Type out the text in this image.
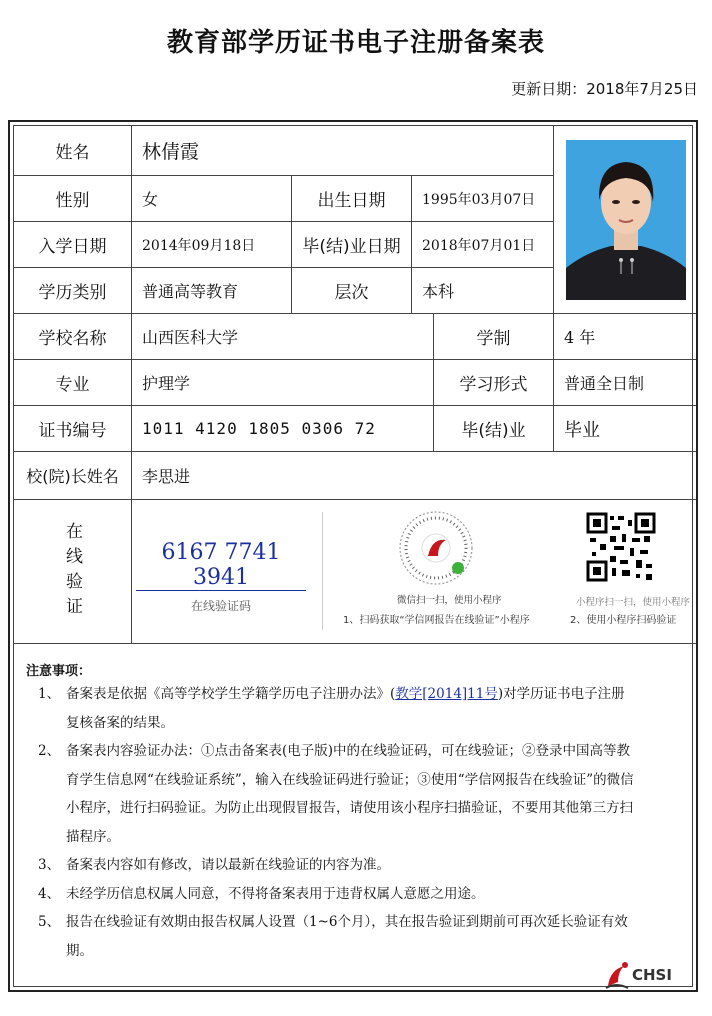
教育部学历证书电子注册备案表
更新日期：2018年7月25日
姓名	林倩霞
性别	女	出生日期	1995年03月07日
入学日期	2014年09月18日	毕(结)业日期	2018年07月01日
学历类别	普通高等教育	层次	本科
学校名称	山西医科大学	学制	4 年
专业	护理学	学习形式	普通全日制
证书编号	1011 4120 1805 0306 72	毕(结)业	毕业
校(院)长姓名	李思进
在线验证	6167 7741 3941
在线验证码	微信扫一扫，使用小程序
1、扫码获取“学信网报告在线验证”小程序
小程序扫一扫，使用小程序
2、使用小程序扫码验证
注意事项：
1、 备案表是依据《高等学校学生学籍学历电子注册办法》(教学[2014]11号)对学历证书电子注册复核备案的结果。
2、 备案表内容验证办法：①点击备案表(电子版)中的在线验证码，可在线验证；②登录中国高等教育学生信息网“在线验证系统”，输入在线验证码进行验证；③使用“学信网报告在线验证”的微信小程序，进行扫码验证。为防止出现假冒报告，请使用该小程序扫描验证，不要用其他第三方扫描程序。
3、 备案表内容如有修改，请以最新在线验证的内容为准。
4、 未经学历信息权属人同意，不得将备案表用于违背权属人意愿之用途。
5、 报告在线验证有效期由报告权属人设置（1~6个月），其在报告验证到期前可再次延长验证有效期。
CHSI
